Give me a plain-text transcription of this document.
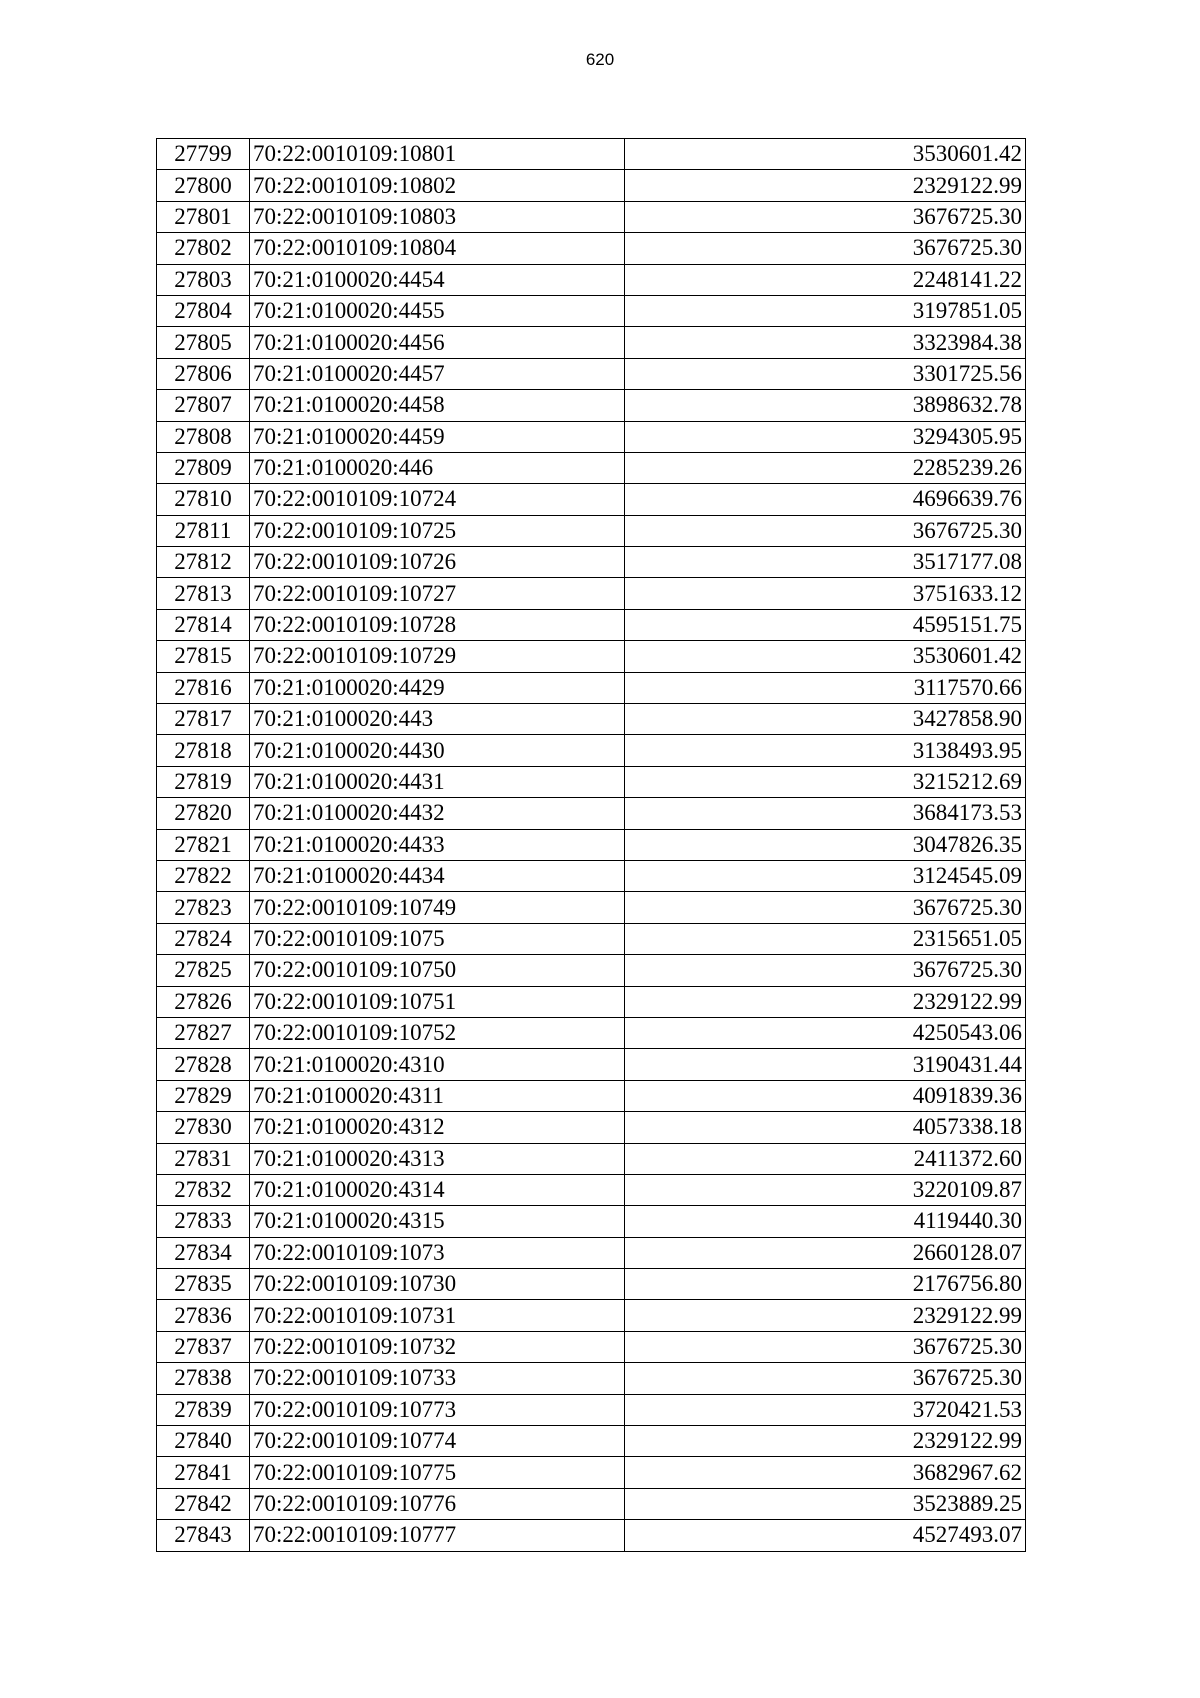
620
27799	70:22:0010109:10801	3530601.42
27800	70:22:0010109:10802	2329122.99
27801	70:22:0010109:10803	3676725.30
27802	70:22:0010109:10804	3676725.30
27803	70:21:0100020:4454	2248141.22
27804	70:21:0100020:4455	3197851.05
27805	70:21:0100020:4456	3323984.38
27806	70:21:0100020:4457	3301725.56
27807	70:21:0100020:4458	3898632.78
27808	70:21:0100020:4459	3294305.95
27809	70:21:0100020:446	2285239.26
27810	70:22:0010109:10724	4696639.76
27811	70:22:0010109:10725	3676725.30
27812	70:22:0010109:10726	3517177.08
27813	70:22:0010109:10727	3751633.12
27814	70:22:0010109:10728	4595151.75
27815	70:22:0010109:10729	3530601.42
27816	70:21:0100020:4429	3117570.66
27817	70:21:0100020:443	3427858.90
27818	70:21:0100020:4430	3138493.95
27819	70:21:0100020:4431	3215212.69
27820	70:21:0100020:4432	3684173.53
27821	70:21:0100020:4433	3047826.35
27822	70:21:0100020:4434	3124545.09
27823	70:22:0010109:10749	3676725.30
27824	70:22:0010109:1075	2315651.05
27825	70:22:0010109:10750	3676725.30
27826	70:22:0010109:10751	2329122.99
27827	70:22:0010109:10752	4250543.06
27828	70:21:0100020:4310	3190431.44
27829	70:21:0100020:4311	4091839.36
27830	70:21:0100020:4312	4057338.18
27831	70:21:0100020:4313	2411372.60
27832	70:21:0100020:4314	3220109.87
27833	70:21:0100020:4315	4119440.30
27834	70:22:0010109:1073	2660128.07
27835	70:22:0010109:10730	2176756.80
27836	70:22:0010109:10731	2329122.99
27837	70:22:0010109:10732	3676725.30
27838	70:22:0010109:10733	3676725.30
27839	70:22:0010109:10773	3720421.53
27840	70:22:0010109:10774	2329122.99
27841	70:22:0010109:10775	3682967.62
27842	70:22:0010109:10776	3523889.25
27843	70:22:0010109:10777	4527493.07
